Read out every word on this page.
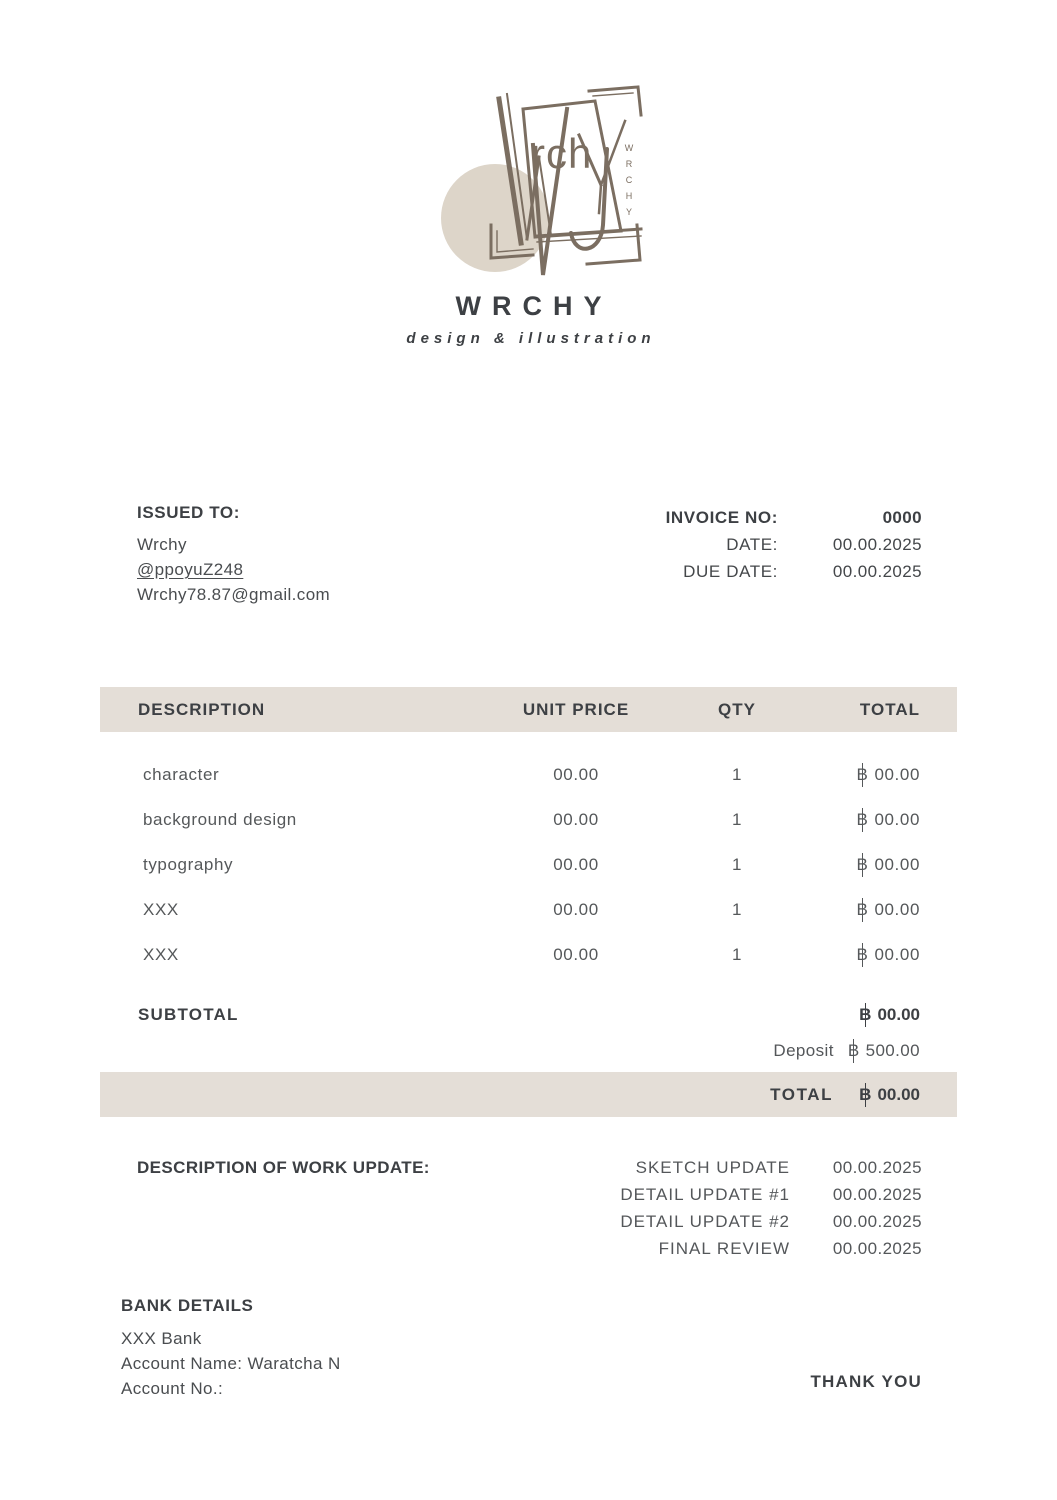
rch	WRCHY
WRCHY
design & illustration
ISSUED TO:
Wrchy
@ppoyuZ248
Wrchy78.87@gmail.com
INVOICE NO:	0000
DATE:	00.00.2025
DUE DATE:	00.00.2025
DESCRIPTION	UNIT PRICE	QTY	TOTAL
character	00.00	1 B	00.00
background design	00.00	1 B	00.00
typography	00.00	1 B	00.00
XXX	00.00	1 B	00.00
XXX	00.00	1 B	00.00
SUBTOTAL B	00.00
Deposit B 500.00
TOTAL B	00.00
DESCRIPTION OF WORK UPDATE:	SKETCH UPDATE	00.00.2025
DETAIL UPDATE #1	00.00.2025
DETAIL UPDATE #2	00.00.2025
FINAL REVIEW	00.00.2025
BANK DETAILS
XXX Bank
Account Name: Waratcha N
Account No.:	THANK YOU
